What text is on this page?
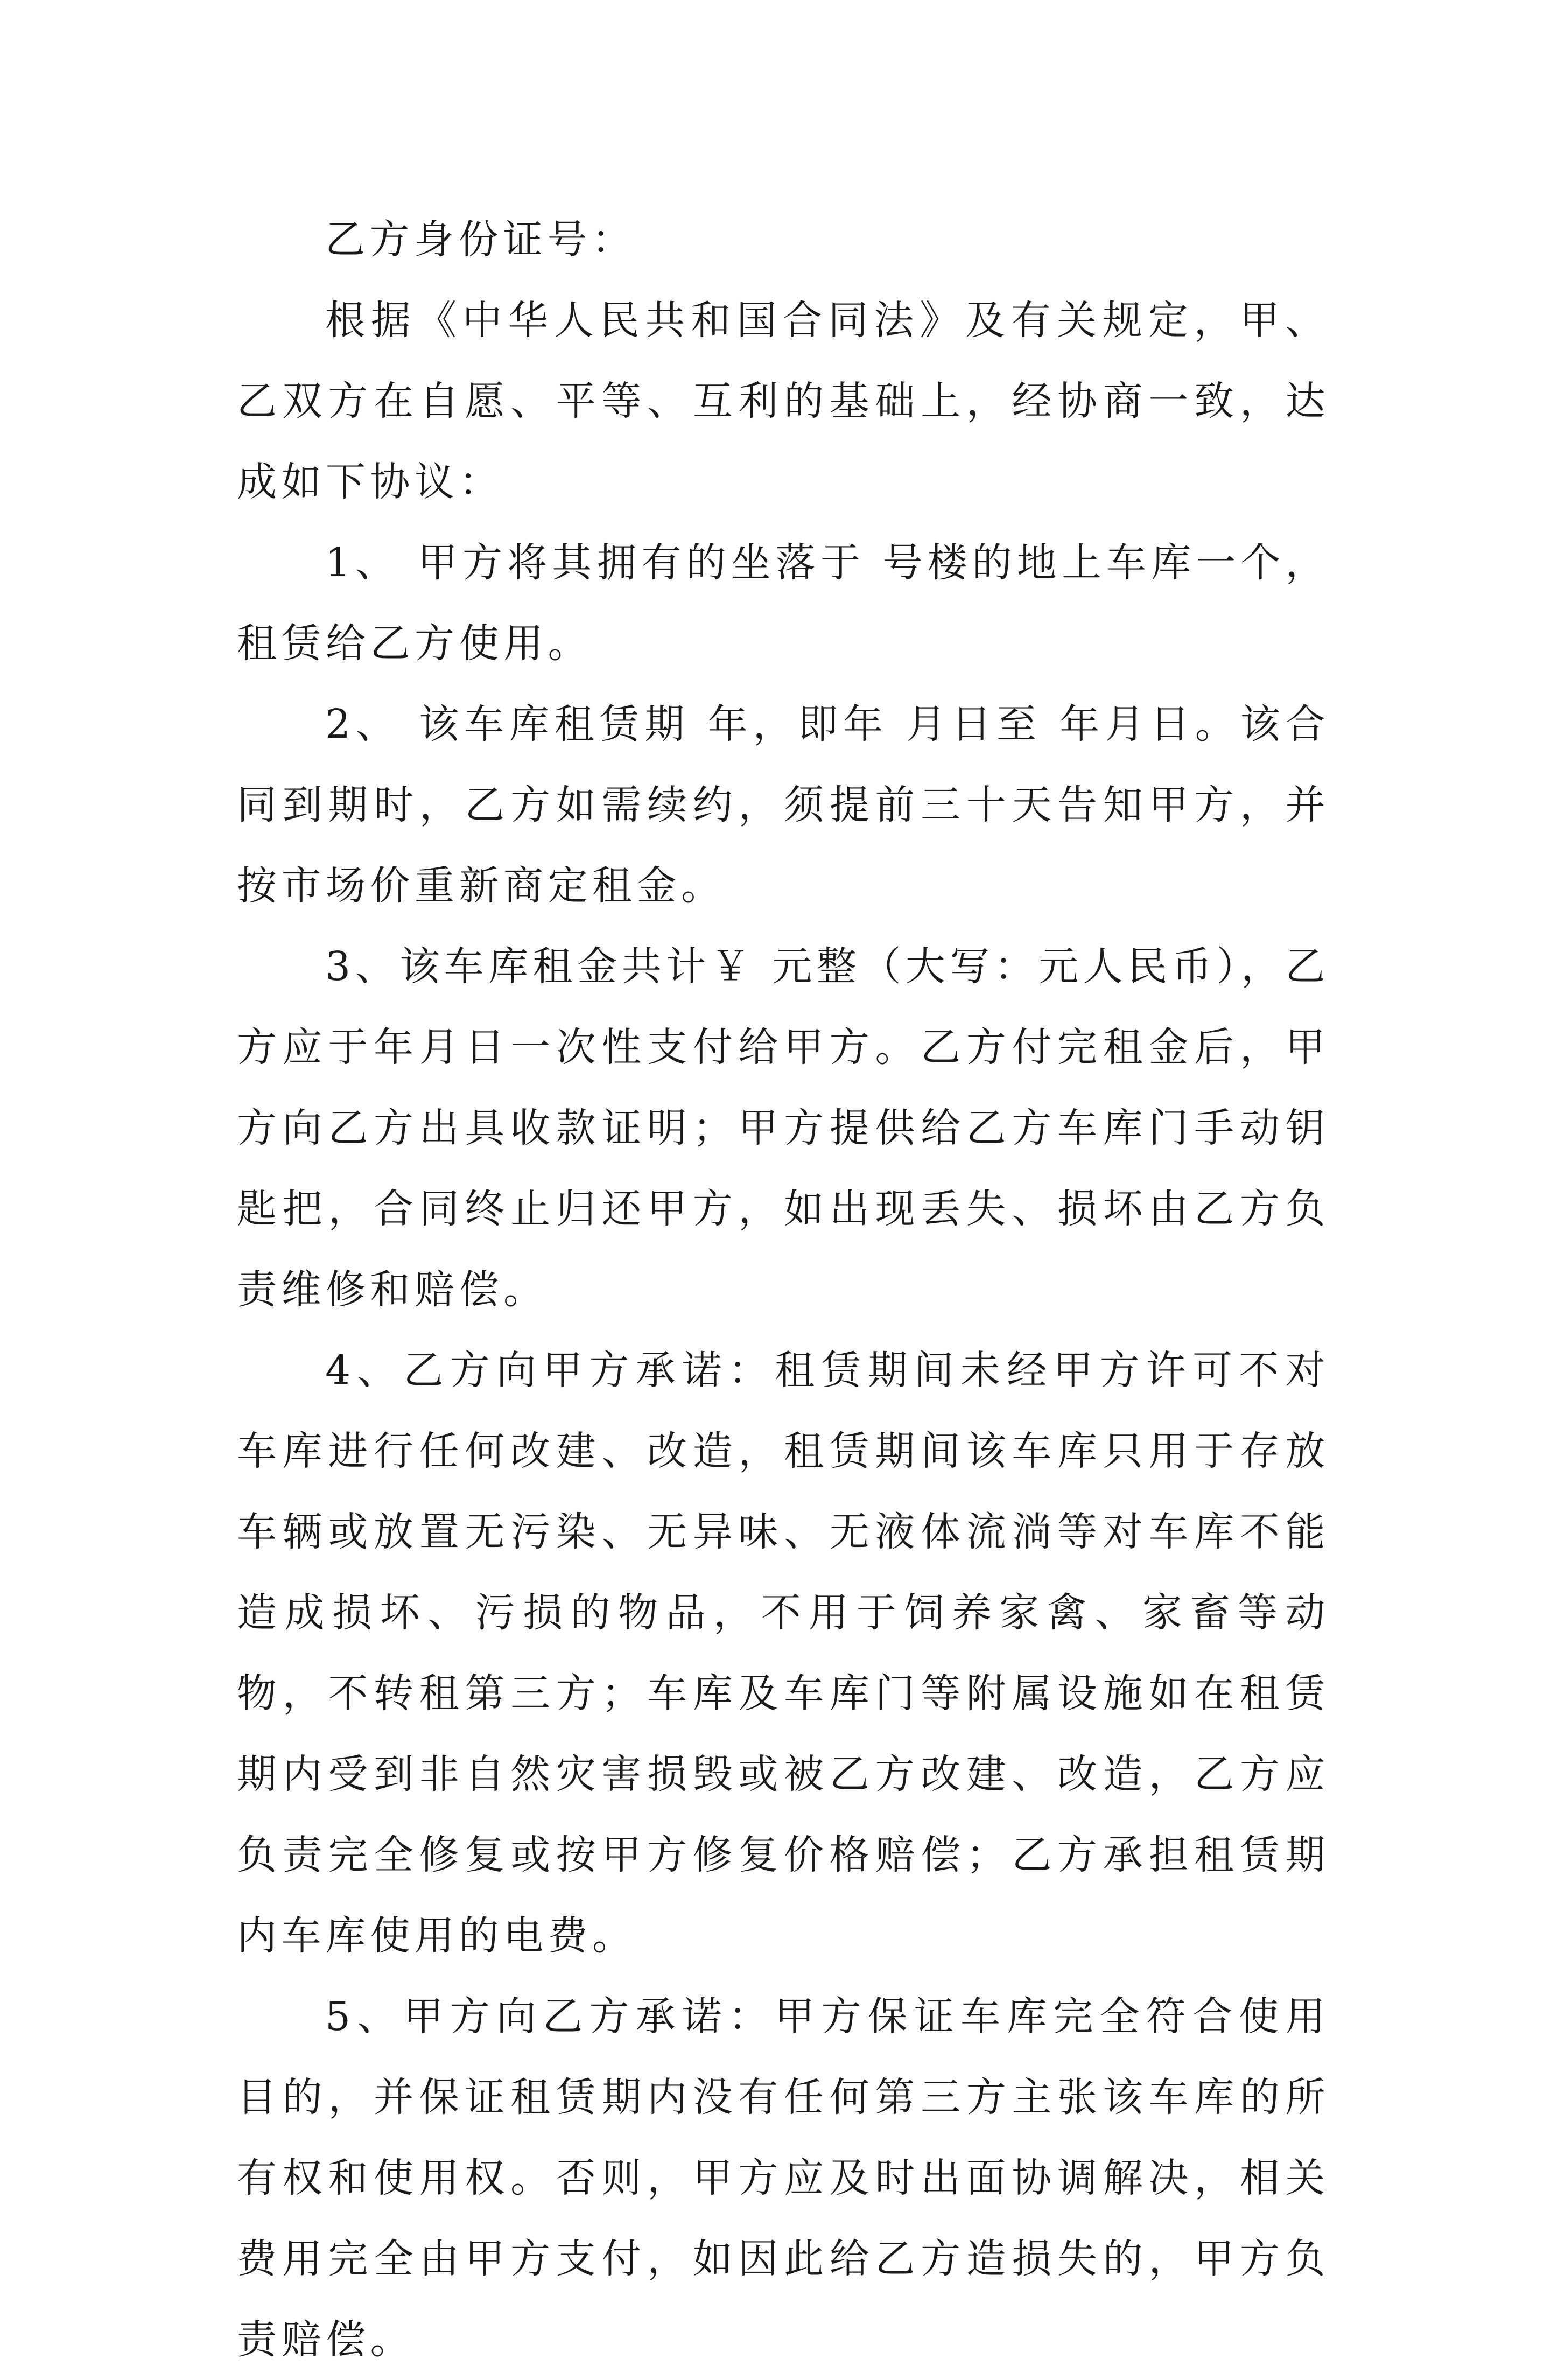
乙方身份证号：

根据《中华人民共和国合同法》及有关规定，甲、乙双方在自愿、平等、互利的基础上，经协商一致，达成如下协议：

1、 甲方将其拥有的坐落于 号楼的地上车库一个，租赁给乙方使用。

2、 该车库租赁期 年，即年 月日至 年月日。该合同到期时，乙方如需续约，须提前三十天告知甲方，并按市场价重新商定租金。

3、该车库租金共计￥ 元整（大写：元人民币），乙方应于年月日一次性支付给甲方。乙方付完租金后，甲方向乙方出具收款证明；甲方提供给乙方车库门手动钥匙把，合同终止归还甲方，如出现丢失、损坏由乙方负责维修和赔偿。

4、乙方向甲方承诺：租赁期间未经甲方许可不对车库进行任何改建、改造，租赁期间该车库只用于存放车辆或放置无污染、无异味、无液体流淌等对车库不能造成损坏、污损的物品，不用于饲养家禽、家畜等动物，不转租第三方；车库及车库门等附属设施如在租赁期内受到非自然灾害损毁或被乙方改建、改造，乙方应负责完全修复或按甲方修复价格赔偿；乙方承担租赁期内车库使用的电费。

5、甲方向乙方承诺：甲方保证车库完全符合使用目的，并保证租赁期内没有任何第三方主张该车库的所有权和使用权。否则，甲方应及时出面协调解决，相关费用完全由甲方支付，如因此给乙方造损失的，甲方负责赔偿。
